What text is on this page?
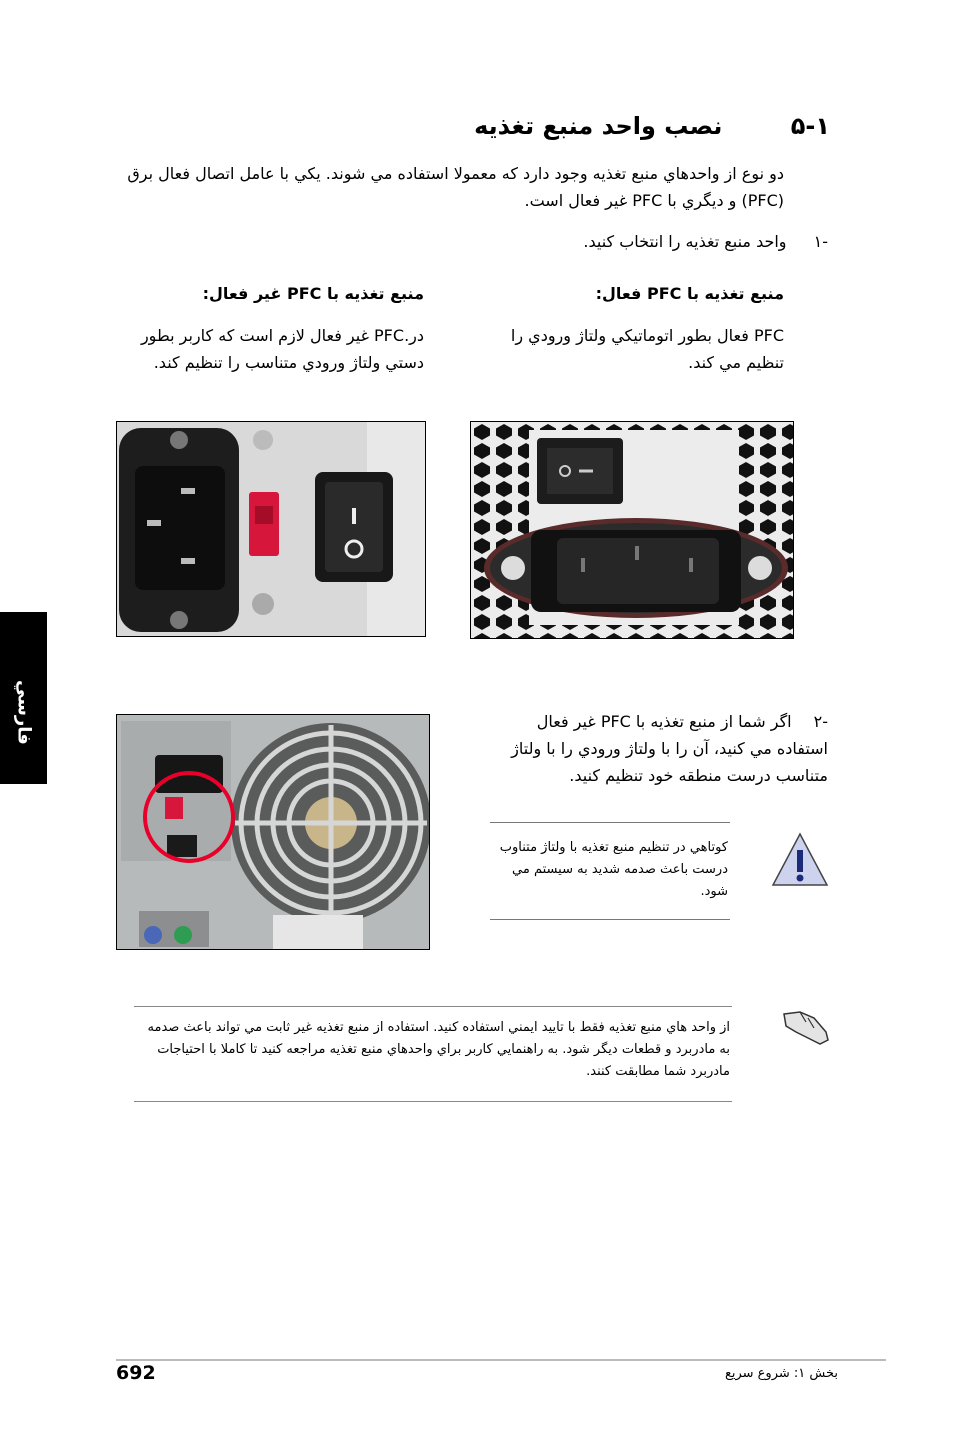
۵-۱ نصب واحد منبع تغذيه
دو نوع از واحدهاي منبع تغذيه وجود دارد که معمولا استفاده مي شوند. يکي با عامل اتصال فعال برق (PFC) و ديگري با PFC غير فعال است.
-۱ واحد منبع تغذيه را انتخاب کنيد.
منبع تغذيه با PFC فعال:
منبع تغذيه با PFC غير فعال:
PFC فعال بطور اتوماتيکي ولتاژ ورودي را تنظيم مي کند.
در.PFC غير فعال لازم است که کاربر بطور دستي ولتاژ ورودي متناسب را تنظيم کند.
-۲
اگر شما از منبع تغذيه با PFC غير فعال استفاده مي کنيد، آن را با ولتاژ ورودي را با ولتاژ متناسب درست منطقه خود تنظيم کنيد.
کوتاهي در تنظيم منبع تغذيه با ولتاژ متناوب درست باعث صدمه شديد به سيستم مي شود.
از واحد هاي منبع تغذيه فقط با تاييد ايمني استفاده کنيد. استفاده از منبع تغذيه غير ثابت مي تواند باعث صدمه به مادربرد و قطعات ديگر شود. به راهنمايي کاربر براي واحدهاي منبع تغذيه مراجعه کنيد تا کاملا با احتياجات مادربرد شما مطابقت کنند.
فارسي
692	بخش ۱: شروع سريع
